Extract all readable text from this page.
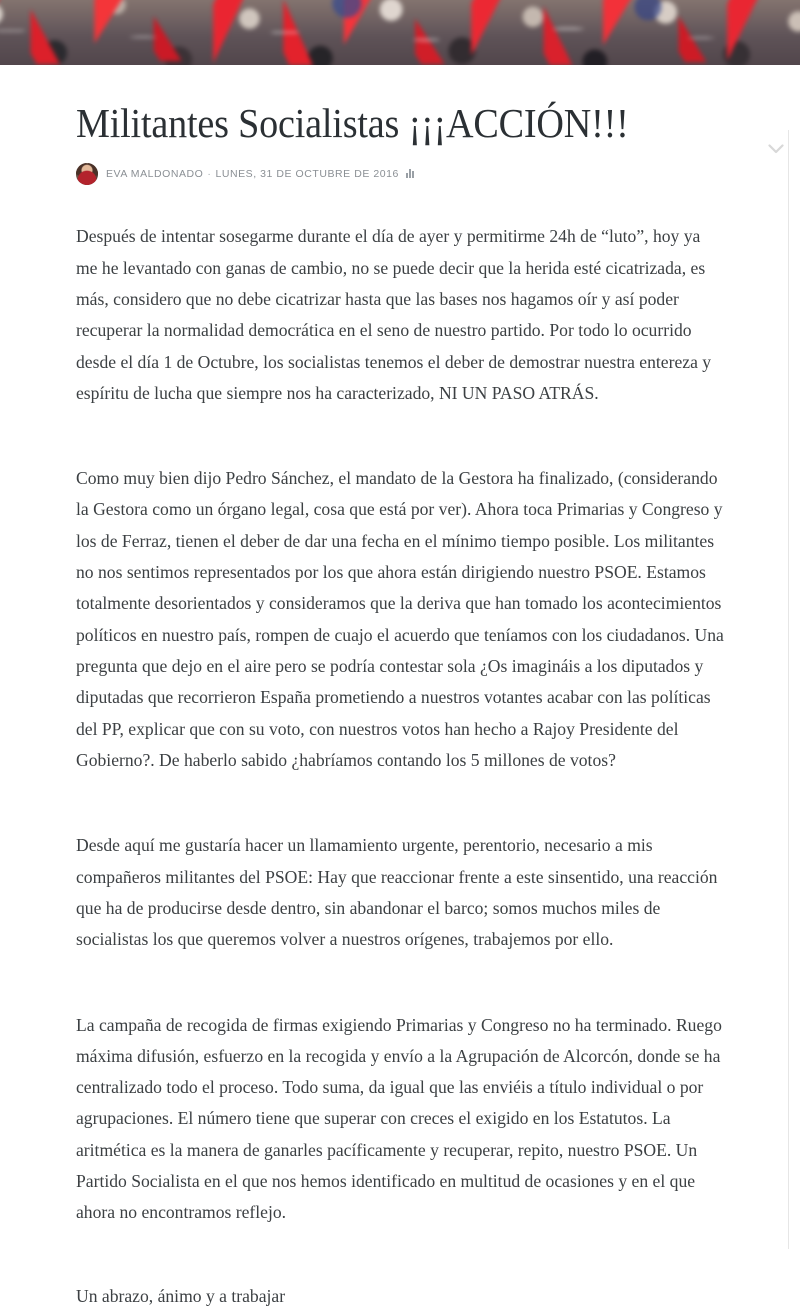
Militantes Socialistas ¡¡¡ACCIÓN!!!
EVA MALDONADO · LUNES, 31 DE OCTUBRE DE 2016

Después de intentar sosegarme durante el día de ayer y permitirme 24h de “luto”, hoy ya me he levantado con ganas de cambio, no se puede decir que la herida esté cicatrizada, es más, considero que no debe cicatrizar hasta que las bases nos hagamos oír y así poder recuperar la normalidad democrática en el seno de nuestro partido. Por todo lo ocurrido desde el día 1 de Octubre, los socialistas tenemos el deber de demostrar nuestra entereza y espíritu de lucha que siempre nos ha caracterizado, NI UN PASO ATRÁS.

Como muy bien dijo Pedro Sánchez, el mandato de la Gestora ha finalizado, (considerando la Gestora como un órgano legal, cosa que está por ver). Ahora toca Primarias y Congreso y los de Ferraz, tienen el deber de dar una fecha en el mínimo tiempo posible. Los militantes no nos sentimos representados por los que ahora están dirigiendo nuestro PSOE. Estamos totalmente desorientados y consideramos que la deriva que han tomado los acontecimientos políticos en nuestro país, rompen de cuajo el acuerdo que teníamos con los ciudadanos. Una pregunta que dejo en el aire pero se podría contestar sola ¿Os imagináis a los diputados y diputadas que recorrieron España prometiendo a nuestros votantes acabar con las políticas del PP, explicar que con su voto, con nuestros votos han hecho a Rajoy Presidente del Gobierno?. De haberlo sabido ¿habríamos contando los 5 millones de votos?

Desde aquí me gustaría hacer un llamamiento urgente, perentorio, necesario a mis compañeros militantes del PSOE: Hay que reaccionar frente a este sinsentido, una reacción que ha de producirse desde dentro, sin abandonar el barco; somos muchos miles de socialistas los que queremos volver a nuestros orígenes, trabajemos por ello.

La campaña de recogida de firmas exigiendo Primarias y Congreso no ha terminado. Ruego máxima difusión, esfuerzo en la recogida y envío a la Agrupación de Alcorcón, donde se ha centralizado todo el proceso. Todo suma, da igual que las enviéis a título individual o por agrupaciones. El número tiene que superar con creces el exigido en los Estatutos. La aritmética es la manera de ganarles pacíficamente y recuperar, repito, nuestro PSOE. Un Partido Socialista en el que nos hemos identificado en multitud de ocasiones y en el que ahora no encontramos reflejo.

Un abrazo, ánimo y a trabajar
